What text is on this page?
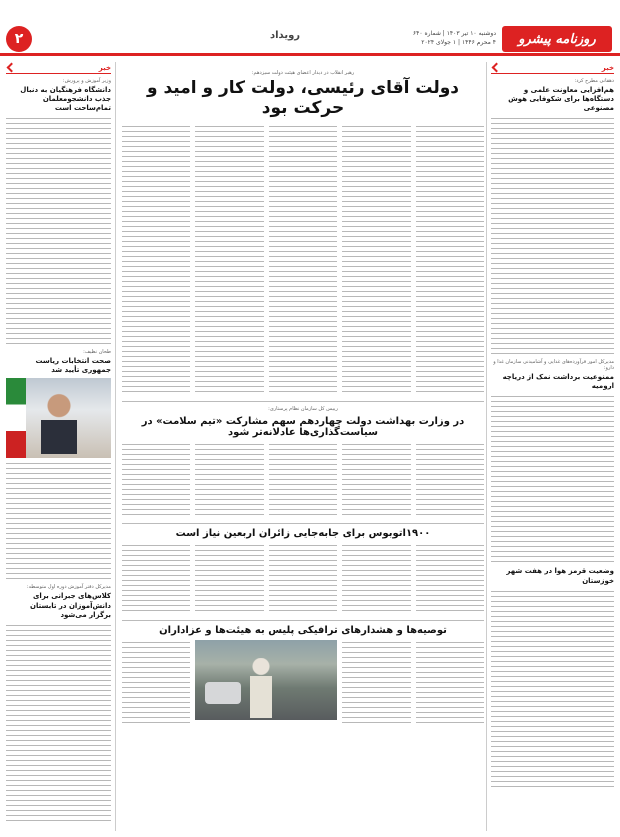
۲	رویداد	دوشنبه ۱۰ تیر ۱۴۰۳ | شماره ۶۴۰
۴ محرم ۱۴۴۶ | ۱ جولای ۲۰۲۴	روزنامه پیشرو
خبر
دهقانی مطرح کرد:
هم‌افزایی معاونت علمی و دستگاه‌ها برای شکوفایی هوش مصنوعی
مدیرکل امور فرآورده‌های غذایی و آشامیدنی سازمان غذا و دارو:
ممنوعیت برداشت نمک از دریاچه ارومیه
وضعیت قرمز هوا در هفت شهر خوزستان
خبر
وزیر آموزش و پرورش:
دانشگاه فرهنگیان به دنبال جذب دانشجومعلمان تمام‌ساحت است
طحان نظیف:
صحت انتخابات ریاست جمهوری تأیید شد
مدیرکل دفتر آموزش دوره اول متوسطه:
کلاس‌های جبرانی برای دانش‌آموزان در تابستان برگزار می‌شود
رهبر انقلاب در دیدار اعضای هیئت دولت سیزدهم:
دولت آقای رئیسی، دولت کار و امید و حرکت بود
رییس کل سازمان نظام پرستاری:
در وزارت بهداشت دولت چهاردهم سهم مشارکت «تیم سلامت» در سیاست‌گذاری‌ها عادلانه‌تر شود
۱۹۰۰اتوبوس برای جابه‌جایی زائران اربعین نیاز است
توصیه‌ها و هشدارهای ترافیکی پلیس به هیئت‌ها و عزاداران
